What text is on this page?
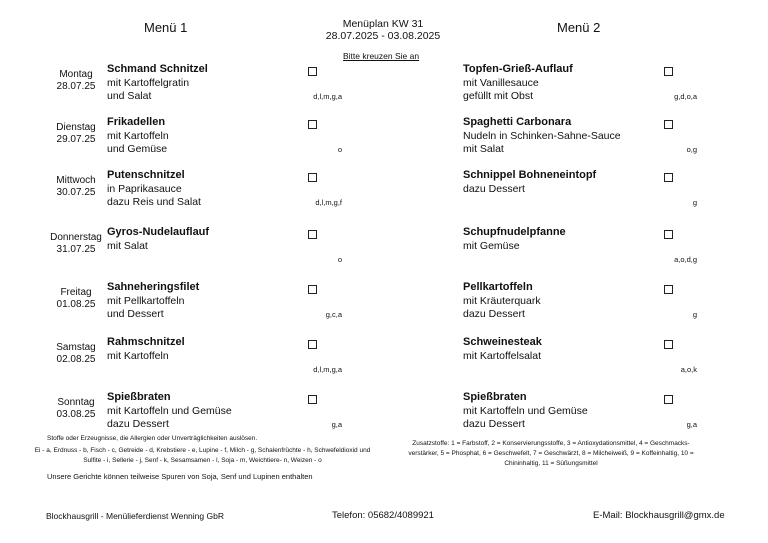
Menü 1	Menü 2
Menüplan KW 31
28.07.2025 - 03.08.2025
Bitte kreuzen Sie an
Montag
28.07.25
Schmand Schnitzel
mit Kartoffelgratin
und Salat	d,l,m,g,a
Topfen-Grieß-Auflauf
mit Vanillesauce
gefüllt mit Obst	g,d,o,a
Dienstag
29.07.25
Frikadellen
mit Kartoffeln
und Gemüse	o
Spaghetti Carbonara
Nudeln in Schinken-Sahne-Sauce
mit Salat	o,g
Mittwoch
30.07.25
Putenschnitzel
in Paprikasauce
dazu Reis und Salat	d,l,m,g,f
Schnippel Bohneneintopf
dazu Dessert
g
Donnerstag
31.07.25
Gyros-Nudelauflauf
mit Salat
o
Schupfnudelpfanne
mit Gemüse
a,o,d,g
Freitag
01.08.25
Sahneheringsfilet
mit Pellkartoffeln
und Dessert	g,c,a
Pellkartoffeln
mit Kräuterquark
dazu Dessert	g
Samstag
02.08.25
Rahmschnitzel
mit Kartoffeln
d,l,m,g,a
Schweinesteak
mit Kartoffelsalat
a,o,k
Sonntag
03.08.25
Spießbraten
mit Kartoffeln und Gemüse
dazu Dessert	g,a
Spießbraten
mit Kartoffeln und Gemüse
dazu Dessert	g,a
Stoffe oder Erzeugnisse, die Allergien oder Unverträglichkeiten auslösen.
Ei - a, Erdnuss - b, Fisch - c, Getreide - d, Krebstiere - e, Lupine - f, Milch - g, Schalenfrüchte - h, Schwefeldioxid und
Sulfite - i, Sellerie - j, Senf - k, Sesamsamen - l, Soja - m, Weichtiere- n, Weizen - o
Unsere Gerichte können teilweise Spuren von Soja, Senf und Lupinen enthalten
Zusatzstoffe: 1 = Farbstoff, 2 = Konservierungsstoffe, 3 = Antioxydationsmittel, 4 = Geschmacks-
verstärker, 5 = Phosphat, 6 = Geschwefelt, 7 = Geschwärzt, 8 = Milcheiweiß, 9 = Koffeinhaltig, 10 =
Chininhaltig, 11 = Süßungsmittel
Blockhausgrill - Menülieferdienst Wenning GbR	Telefon: 05682/4089921	E-Mail: Blockhausgrill@gmx.de
